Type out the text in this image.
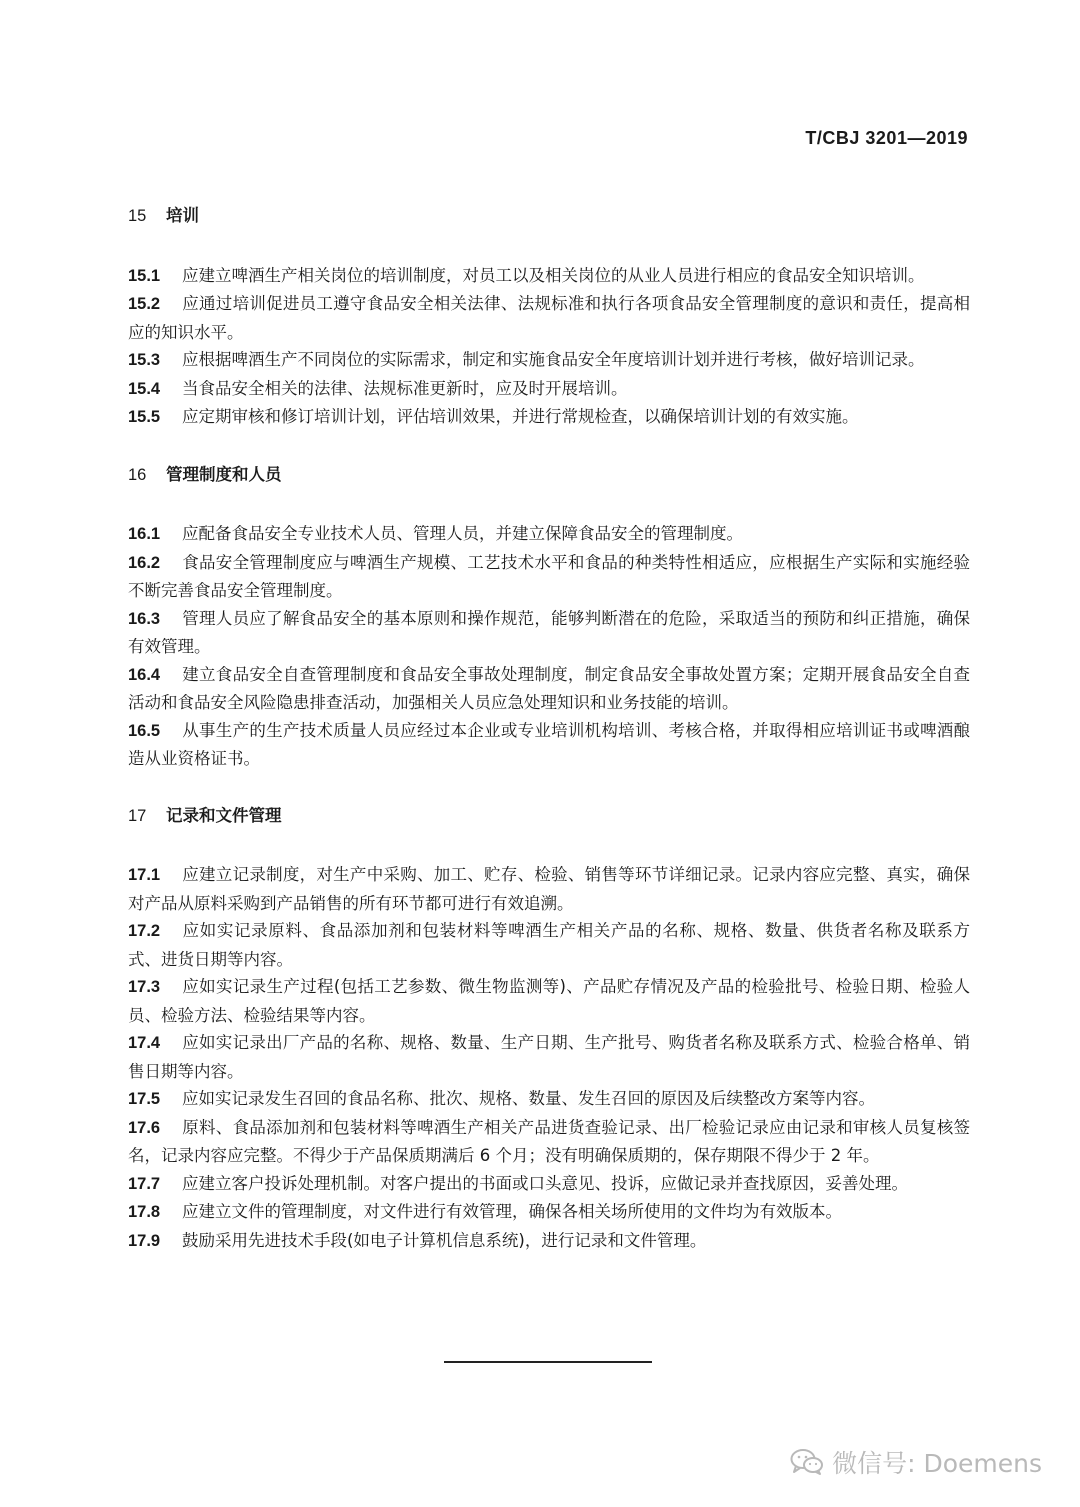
T/CBJ 3201—2019
15 培训
15.1 应建立啤酒生产相关岗位的培训制度，对员工以及相关岗位的从业人员进行相应的食品安全知识培训。
15.2 应通过培训促进员工遵守食品安全相关法律、法规标准和执行各项食品安全管理制度的意识和责任，提高相应的知识水平。
15.3 应根据啤酒生产不同岗位的实际需求，制定和实施食品安全年度培训计划并进行考核，做好培训记录。
15.4 当食品安全相关的法律、法规标准更新时，应及时开展培训。
15.5 应定期审核和修订培训计划，评估培训效果，并进行常规检查，以确保培训计划的有效实施。
16 管理制度和人员
16.1 应配备食品安全专业技术人员、管理人员，并建立保障食品安全的管理制度。
16.2 食品安全管理制度应与啤酒生产规模、工艺技术水平和食品的种类特性相适应，应根据生产实际和实施经验不断完善食品安全管理制度。
16.3 管理人员应了解食品安全的基本原则和操作规范，能够判断潜在的危险，采取适当的预防和纠正措施，确保有效管理。
16.4 建立食品安全自查管理制度和食品安全事故处理制度，制定食品安全事故处置方案；定期开展食品安全自查活动和食品安全风险隐患排查活动，加强相关人员应急处理知识和业务技能的培训。
16.5 从事生产的生产技术质量人员应经过本企业或专业培训机构培训、考核合格，并取得相应培训证书或啤酒酿造从业资格证书。
17 记录和文件管理
17.1 应建立记录制度，对生产中采购、加工、贮存、检验、销售等环节详细记录。记录内容应完整、真实，确保对产品从原料采购到产品销售的所有环节都可进行有效追溯。
17.2 应如实记录原料、食品添加剂和包装材料等啤酒生产相关产品的名称、规格、数量、供货者名称及联系方式、进货日期等内容。
17.3 应如实记录生产过程(包括工艺参数、微生物监测等)、产品贮存情况及产品的检验批号、检验日期、检验人员、检验方法、检验结果等内容。
17.4 应如实记录出厂产品的名称、规格、数量、生产日期、生产批号、购货者名称及联系方式、检验合格单、销售日期等内容。
17.5 应如实记录发生召回的食品名称、批次、规格、数量、发生召回的原因及后续整改方案等内容。
17.6 原料、食品添加剂和包装材料等啤酒生产相关产品进货查验记录、出厂检验记录应由记录和审核人员复核签名，记录内容应完整。不得少于产品保质期满后 6 个月；没有明确保质期的，保存期限不得少于 2 年。
17.7 应建立客户投诉处理机制。对客户提出的书面或口头意见、投诉，应做记录并查找原因，妥善处理。
17.8 应建立文件的管理制度，对文件进行有效管理，确保各相关场所使用的文件均为有效版本。
17.9 鼓励采用先进技术手段(如电子计算机信息系统)，进行记录和文件管理。
微信号: Doemens
